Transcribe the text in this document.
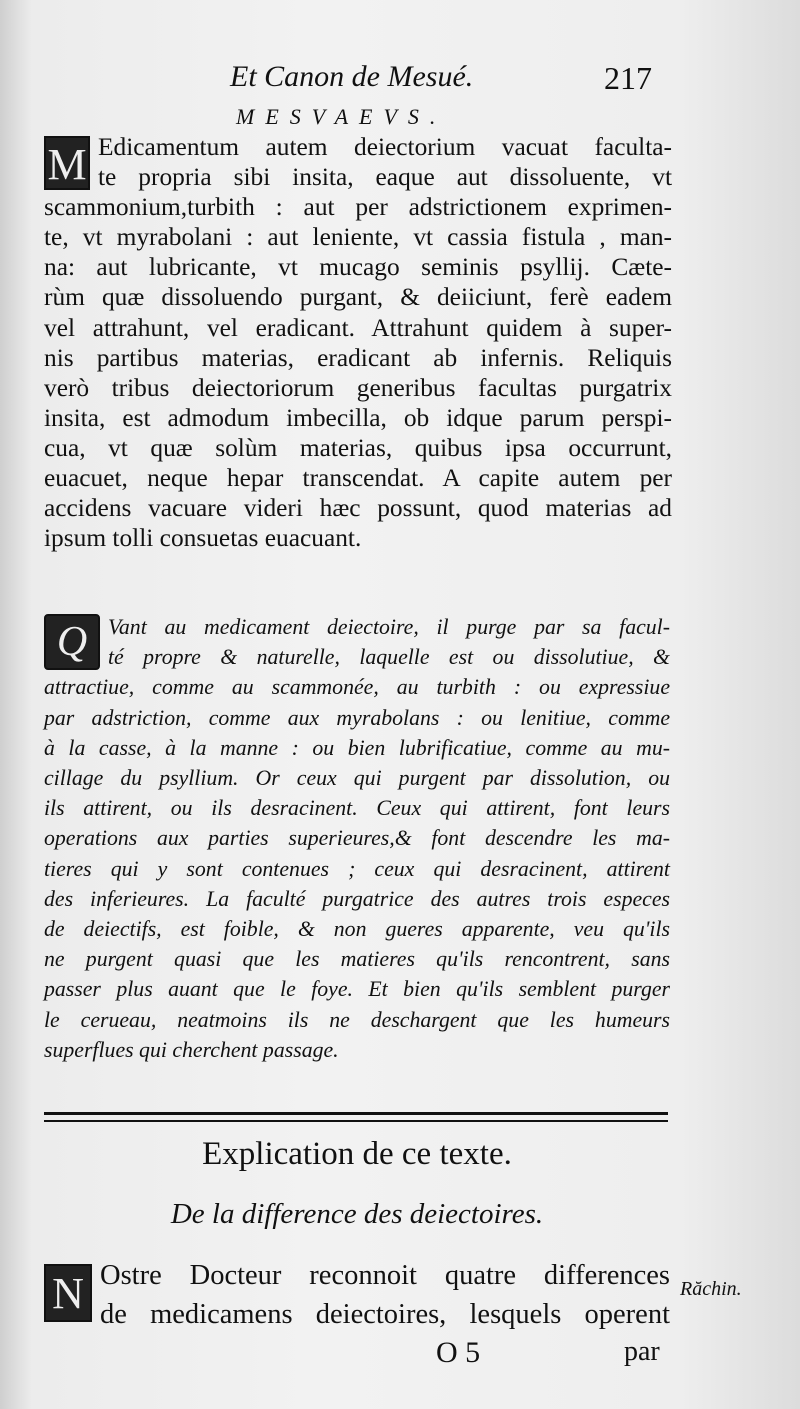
Et Canon de Mesué.	217
MESVAEVS.
M Edicamentum autem deiectorium vacuat faculta-
te propria sibi insita, eaque aut dissoluente, vt
scammonium,turbith : aut per adstrictionem exprimen-
te, vt myrabolani : aut leniente, vt cassia fistula , man-
na: aut lubricante, vt mucago seminis psyllij. Cæte-
rùm quæ dissoluendo purgant, & deiiciunt, ferè eadem
vel attrahunt, vel eradicant. Attrahunt quidem à super-
nis partibus materias, eradicant ab infernis. Reliquis
verò tribus deiectoriorum generibus facultas purgatrix
insita, est admodum imbecilla, ob idque parum perspi-
cua, vt quæ solùm materias, quibus ipsa occurrunt,
euacuet, neque hepar transcendat. A capite autem per
accidens vacuare videri hæc possunt, quod materias ad
ipsum tolli consuetas euacuant.
Q Vant au medicament deiectoire, il purge par sa facul-
té propre & naturelle, laquelle est ou dissolutiue, &
attractiue, comme au scammonée, au turbith : ou expressiue
par adstriction, comme aux myrabolans : ou lenitiue, comme
à la casse, à la manne : ou bien lubrificatiue, comme au mu-
cillage du psyllium. Or ceux qui purgent par dissolution, ou
ils attirent, ou ils desracinent. Ceux qui attirent, font leurs
operations aux parties superieures,& font descendre les ma-
tieres qui y sont contenues ; ceux qui desracinent, attirent
des inferieures. La faculté purgatrice des autres trois especes
de deiectifs, est foible, & non gueres apparente, veu qu'ils
ne purgent quasi que les matieres qu'ils rencontrent, sans
passer plus auant que le foye. Et bien qu'ils semblent purger
le cerueau, neatmoins ils ne deschargent que les humeurs
superflues qui cherchent passage.
Explication de ce texte.
De la difference des deiectoires.
N Ostre Docteur reconnoit quatre differences
de medicamens deiectoires, lesquels operent
Răchin.
O 5	par
